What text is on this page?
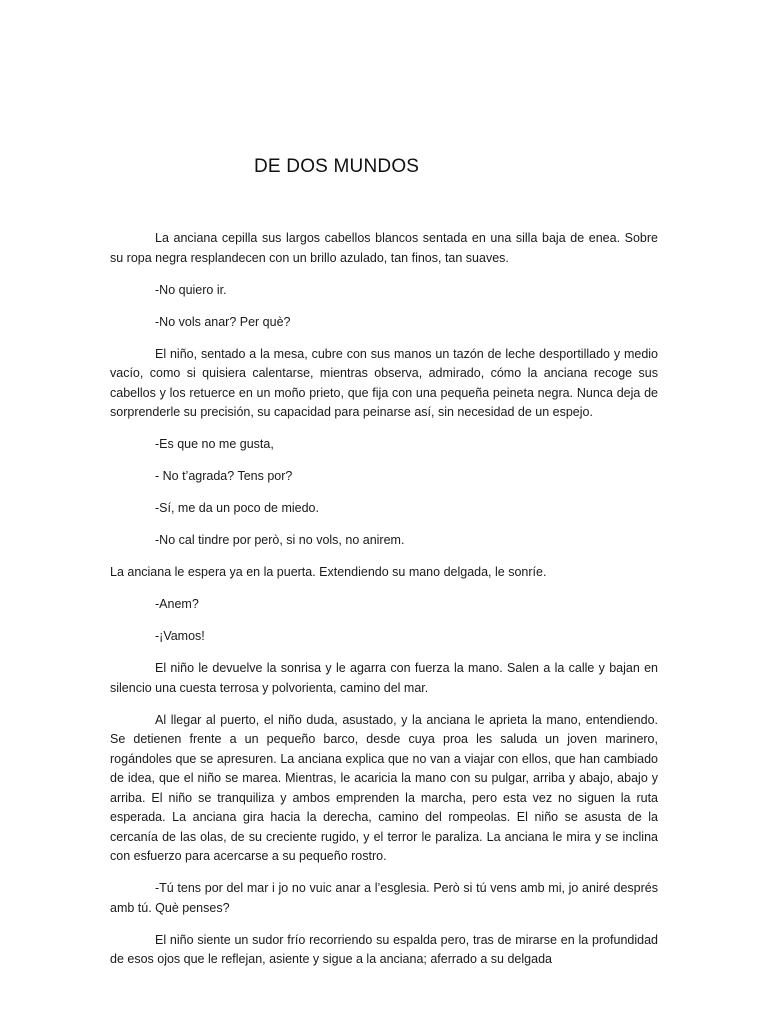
DE DOS MUNDOS

La anciana cepilla sus largos cabellos blancos sentada en una silla baja de enea. Sobre su ropa negra resplandecen con un brillo azulado, tan finos, tan suaves.

-No quiero ir.

-No vols anar? Per què?

El niño, sentado a la mesa, cubre con sus manos un tazón de leche desportillado y medio vacío, como si quisiera calentarse, mientras observa, admirado, cómo la anciana recoge sus cabellos y los retuerce en un moño prieto, que fija con una pequeña peineta negra. Nunca deja de sorprenderle su precisión, su capacidad para peinarse así, sin necesidad de un espejo.

-Es que no me gusta,

- No t’agrada? Tens por?

-Sí, me da un poco de miedo.

-No cal tindre por però, si no vols, no anirem.

La anciana le espera ya en la puerta. Extendiendo su mano delgada, le sonríe.

-Anem?

-¡Vamos!

El niño le devuelve la sonrisa y le agarra con fuerza la mano. Salen a la calle y bajan en silencio una cuesta terrosa y polvorienta, camino del mar.

Al llegar al puerto, el niño duda, asustado, y la anciana le aprieta la mano, entendiendo. Se detienen frente a un pequeño barco, desde cuya proa les saluda un joven marinero, rogándoles que se apresuren. La anciana explica que no van a viajar con ellos, que han cambiado de idea, que el niño se marea. Mientras, le acaricia la mano con su pulgar, arriba y abajo, abajo y arriba. El niño se tranquiliza y ambos emprenden la marcha, pero esta vez no siguen la ruta esperada. La anciana gira hacia la derecha, camino del rompeolas. El niño se asusta de la cercanía de las olas, de su creciente rugido, y el terror le paraliza. La anciana le mira y se inclina con esfuerzo para acercarse a su pequeño rostro.

-Tú tens por del mar i jo no vuic anar a l’esglesia. Però si tú vens amb mi, jo aniré després amb tú. Què penses?

El niño siente un sudor frío recorriendo su espalda pero, tras de mirarse en la profundidad de esos ojos que le reflejan, asiente y sigue a la anciana; aferrado a su delgada
